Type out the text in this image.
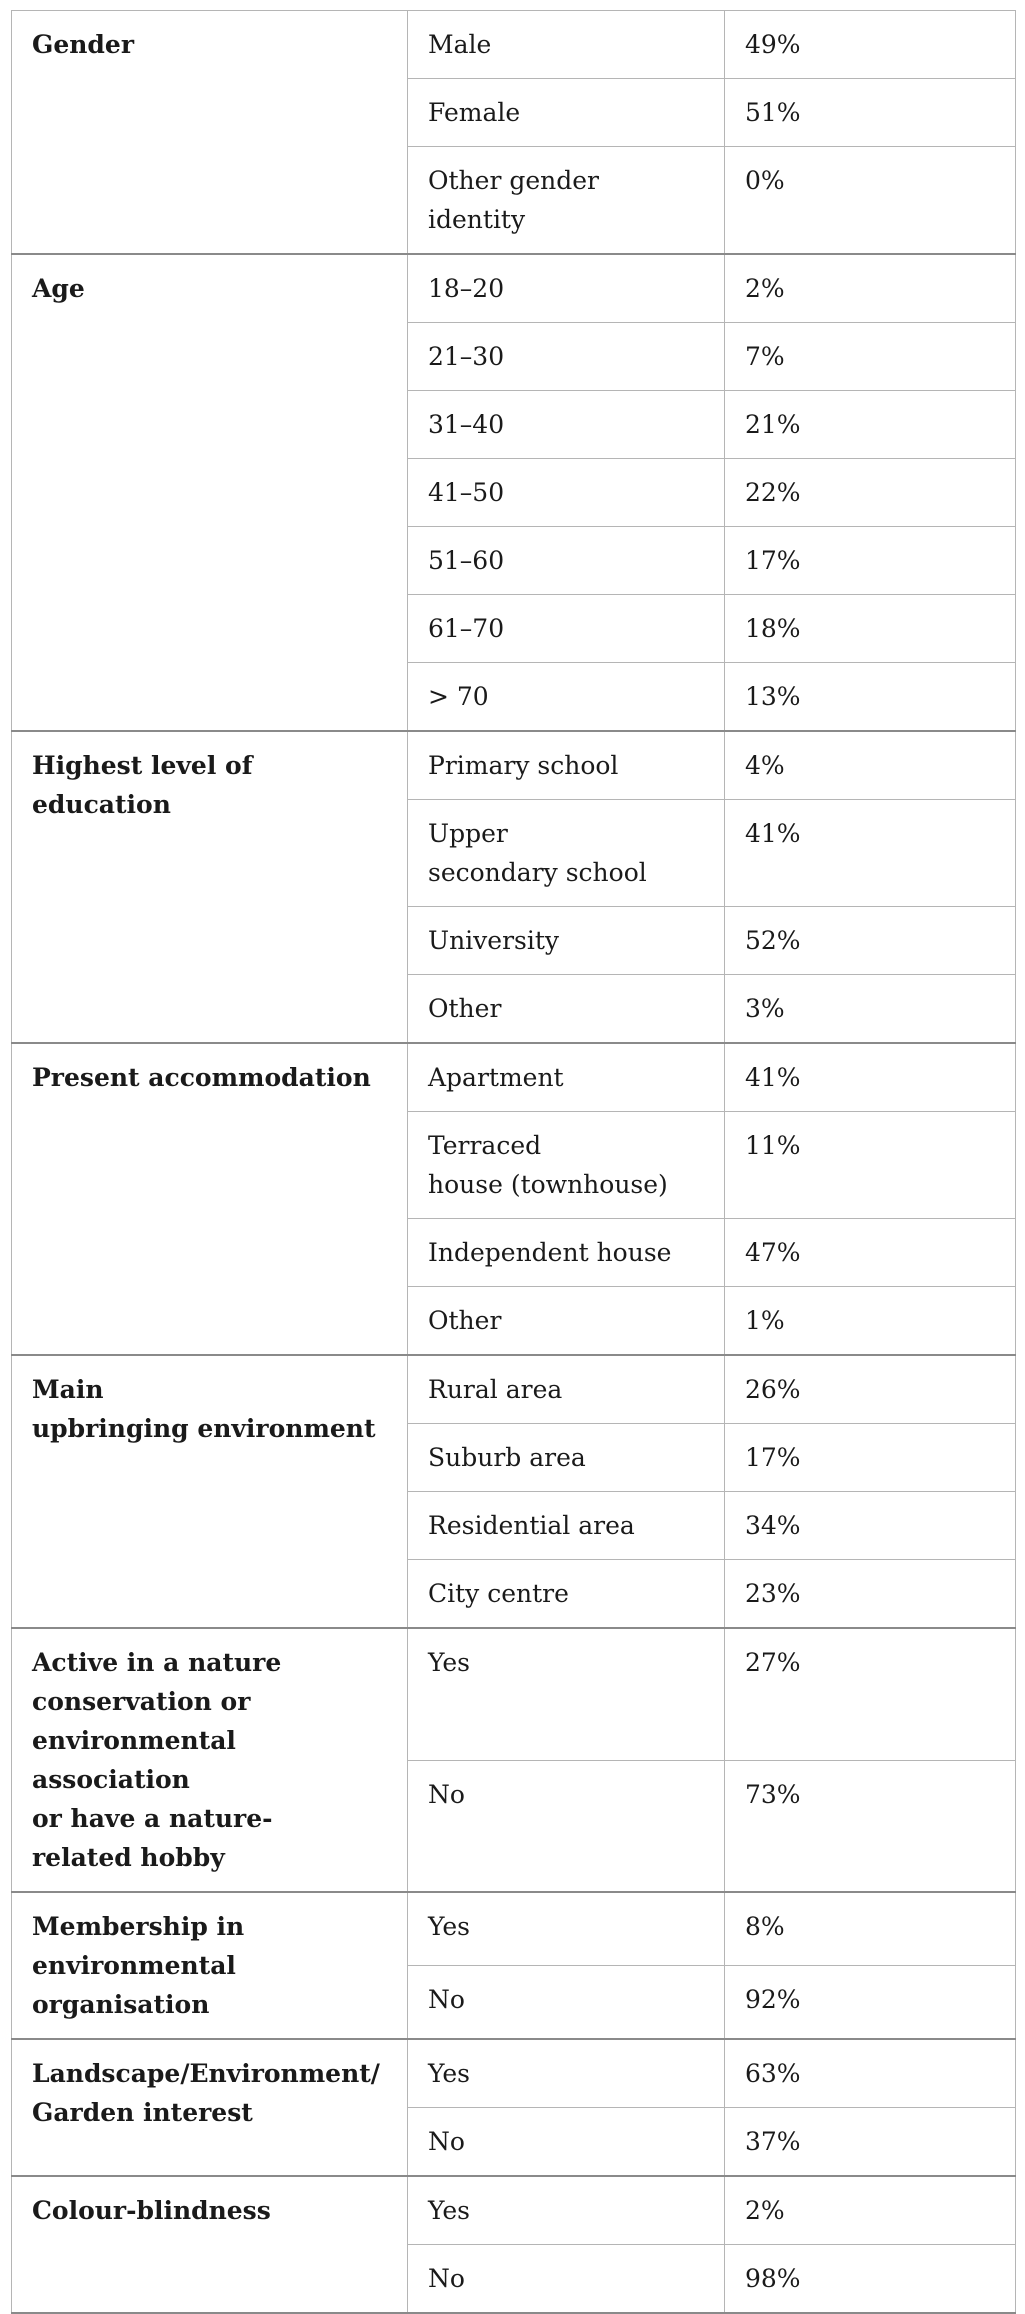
Gender	Male	49%

	Female	51%

	Other gender identity	0%

Age	18–20	2%

	21–30	7%

	31–40	21%

	41–50	22%

	51–60	17%

	61–70	18%

	> 70	13%

Highest level of education	Primary school	4%

	Upper
secondary school	41%

	University	52%

	Other	3%

Present accommodation	Apartment	41%

	Terraced
house (townhouse)	11%

	Independent house	47%

	Other	1%

Main
upbringing environment	Rural area	26%

	Suburb area	17%

	Residential area	34%

	City centre	23%

Active in a nature
conservation or
environmental association
or have a nature-
related hobby	Yes	27%

	No	73%

Membership in
environmental organisation	Yes	8%

	No	92%

Landscape/Environment/
Garden interest	Yes	63%

	No	37%

Colour-blindness	Yes	2%

	No	98%
